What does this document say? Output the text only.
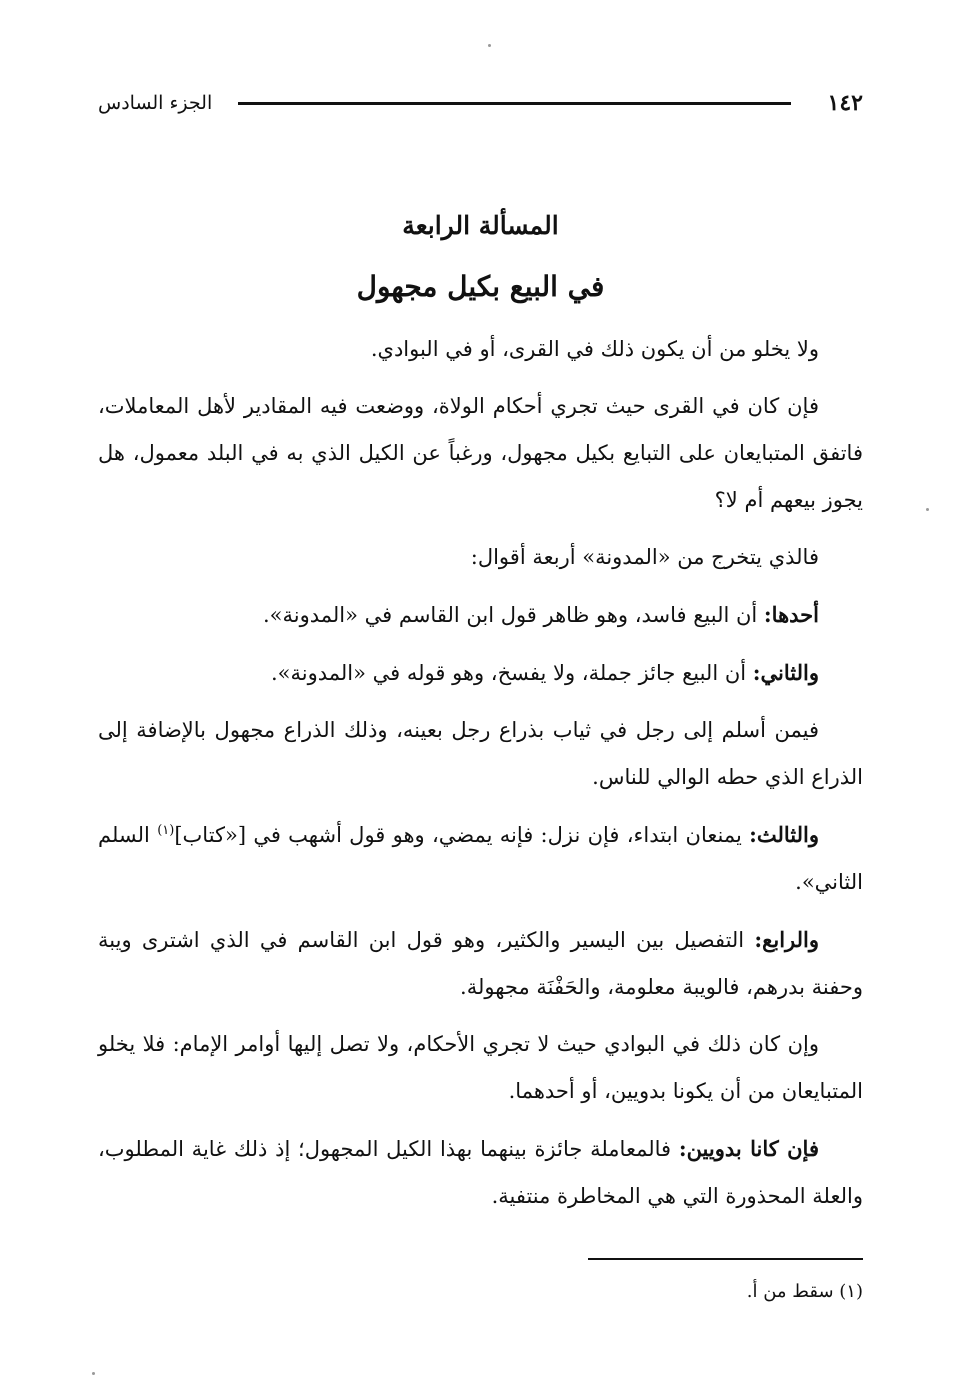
١٤٢
الجزء السادس
المسألة الرابعة
في البيع بكيل مجهول

ولا يخلو من أن يكون ذلك في القرى، أو في البوادي.

فإن كان في القرى حيث تجري أحكام الولاة، ووضعت فيه المقادير لأهل المعاملات، فاتفق المتبايعان على التبايع بكيل مجهول، ورغباً عن الكيل الذي به في البلد معمول، هل يجوز بيعهم أم لا؟

فالذي يتخرج من «المدونة» أربعة أقوال:

أحدها: أن البيع فاسد، وهو ظاهر قول ابن القاسم في «المدونة».

والثاني: أن البيع جائز جملة، ولا يفسخ، وهو قوله في «المدونة».

فيمن أسلم إلى رجل في ثياب بذراع رجل بعينه، وذلك الذراع مجهول بالإضافة إلى الذراع الذي حطه الوالي للناس.

والثالث: يمنعان ابتداء، فإن نزل: فإنه يمضي، وهو قول أشهب في [«كتاب]$^{(١)}$ السلم الثاني».

والرابع: التفصيل بين اليسير والكثير، وهو قول ابن القاسم في الذي اشترى ويبة وحفنة بدرهم، فالويبة معلومة، والحَفْنَة مجهولة.

وإن كان ذلك في البوادي حيث لا تجري الأحكام، ولا تصل إليها أوامر الإمام: فلا يخلو المتبايعان من أن يكونا بدويين، أو أحدهما.

فإن كانا بدويين: فالمعاملة جائزة بينهما بهذا الكيل المجهول؛ إذ ذلك غاية المطلوب، والعلة المحذورة التي هي المخاطرة منتفية.

(١) سقط من أ.
